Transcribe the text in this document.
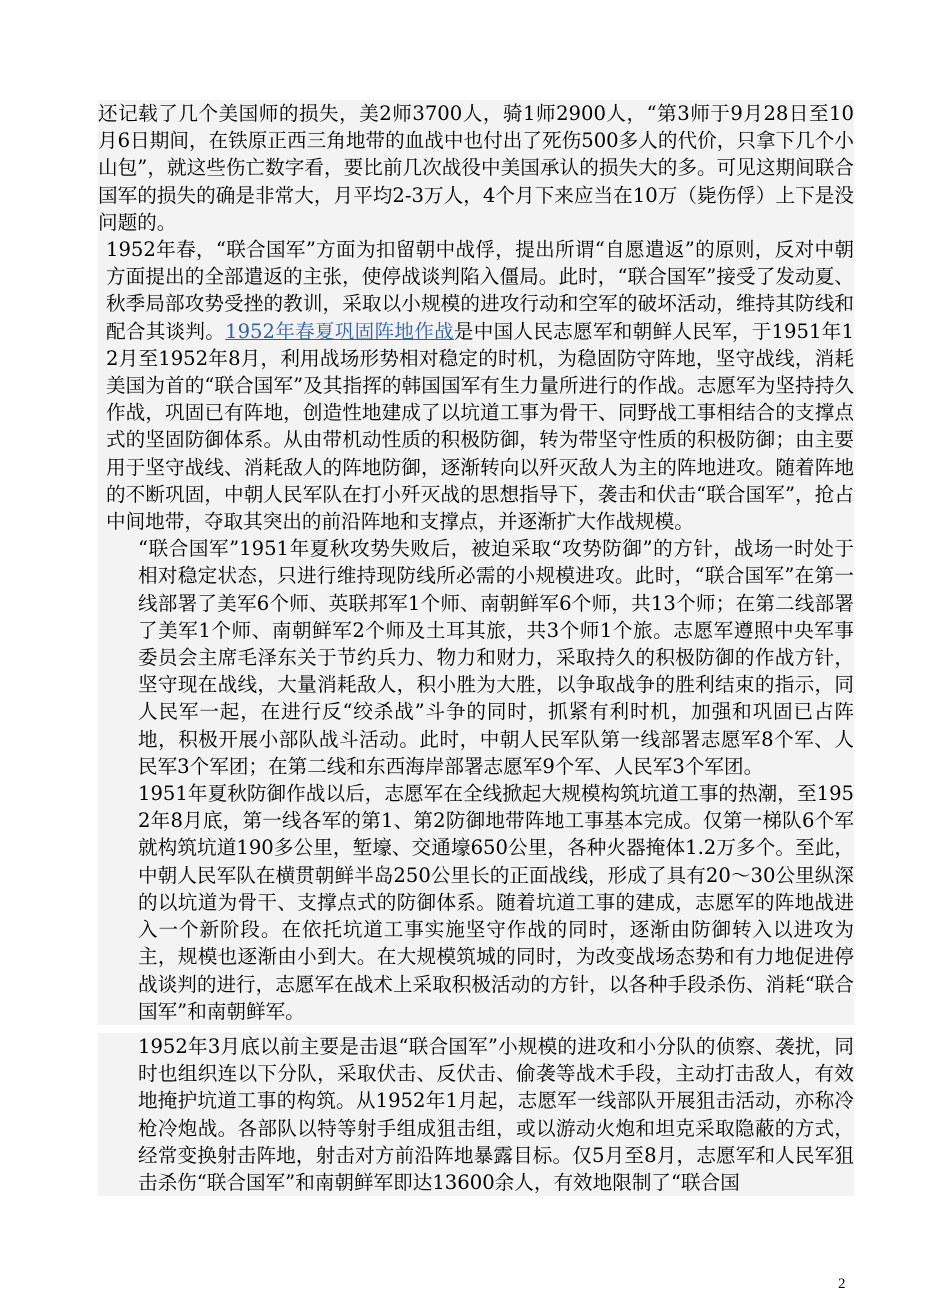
还记载了几个美国师的损失，美2师3700人，骑1师2900人，“第3师于9月28日至10月6日期间，在铁原正西三角地带的血战中也付出了死伤500多人的代价，只拿下几个小山包”，就这些伤亡数字看，要比前几次战役中美国承认的损失大的多。可见这期间联合国军的损失的确是非常大，月平均2-3万人，4个月下来应当在10万（毙伤俘）上下是没问题的。
1952年春，“联合国军”方面为扣留朝中战俘，提出所谓“自愿遣返”的原则，反对中朝方面提出的全部遣返的主张，使停战谈判陷入僵局。此时，“联合国军”接受了发动夏、秋季局部攻势受挫的教训，采取以小规模的进攻行动和空军的破坏活动，维持其防线和配合其谈判。1952年春夏巩固阵地作战是中国人民志愿军和朝鲜人民军，于1951年12月至1952年8月，利用战场形势相对稳定的时机，为稳固防守阵地，坚守战线，消耗美国为首的“联合国军”及其指挥的韩国国军有生力量所进行的作战。志愿军为坚持持久作战，巩固已有阵地，创造性地建成了以坑道工事为骨干、同野战工事相结合的支撑点式的坚固防御体系。从由带机动性质的积极防御，转为带坚守性质的积极防御；由主要用于坚守战线、消耗敌人的阵地防御，逐渐转向以歼灭敌人为主的阵地进攻。随着阵地的不断巩固，中朝人民军队在打小歼灭战的思想指导下，袭击和伏击“联合国军”，抢占中间地带，夺取其突出的前沿阵地和支撑点，并逐渐扩大作战规模。
“联合国军”1951年夏秋攻势失败后，被迫采取“攻势防御”的方针，战场一时处于相对稳定状态，只进行维持现防线所必需的小规模进攻。此时，“联合国军”在第一线部署了美军6个师、英联邦军1个师、南朝鲜军6个师，共13个师；在第二线部署了美军1个师、南朝鲜军2个师及土耳其旅，共3个师1个旅。志愿军遵照中央军事委员会主席毛泽东关于节约兵力、物力和财力，采取持久的积极防御的作战方针，坚守现在战线，大量消耗敌人，积小胜为大胜，以争取战争的胜利结束的指示，同人民军一起，在进行反“绞杀战”斗争的同时，抓紧有利时机，加强和巩固已占阵地，积极开展小部队战斗活动。此时，中朝人民军队第一线部署志愿军8个军、人民军3个军团；在第二线和东西海岸部署志愿军9个军、人民军3个军团。
1951年夏秋防御作战以后，志愿军在全线掀起大规模构筑坑道工事的热潮，至1952年8月底，第一线各军的第1、第2防御地带阵地工事基本完成。仅第一梯队6个军就构筑坑道190多公里，堑壕、交通壕650公里，各种火器掩体1.2万多个。至此，中朝人民军队在横贯朝鲜半岛250公里长的正面战线，形成了具有20～30公里纵深的以坑道为骨干、支撑点式的防御体系。随着坑道工事的建成，志愿军的阵地战进入一个新阶段。在依托坑道工事实施坚守作战的同时，逐渐由防御转入以进攻为主，规模也逐渐由小到大。在大规模筑城的同时，为改变战场态势和有力地促进停战谈判的进行，志愿军在战术上采取积极活动的方针，以各种手段杀伤、消耗“联合国军”和南朝鲜军。
1952年3月底以前主要是击退“联合国军”小规模的进攻和小分队的侦察、袭扰，同时也组织连以下分队，采取伏击、反伏击、偷袭等战术手段，主动打击敌人，有效地掩护坑道工事的构筑。从1952年1月起，志愿军一线部队开展狙击活动，亦称冷枪冷炮战。各部队以特等射手组成狙击组，或以游动火炮和坦克采取隐蔽的方式，经常变换射击阵地，射击对方前沿阵地暴露目标。仅5月至8月，志愿军和人民军狙击杀伤“联合国军”和南朝鲜军即达13600余人，有效地限制了“联合国
2
